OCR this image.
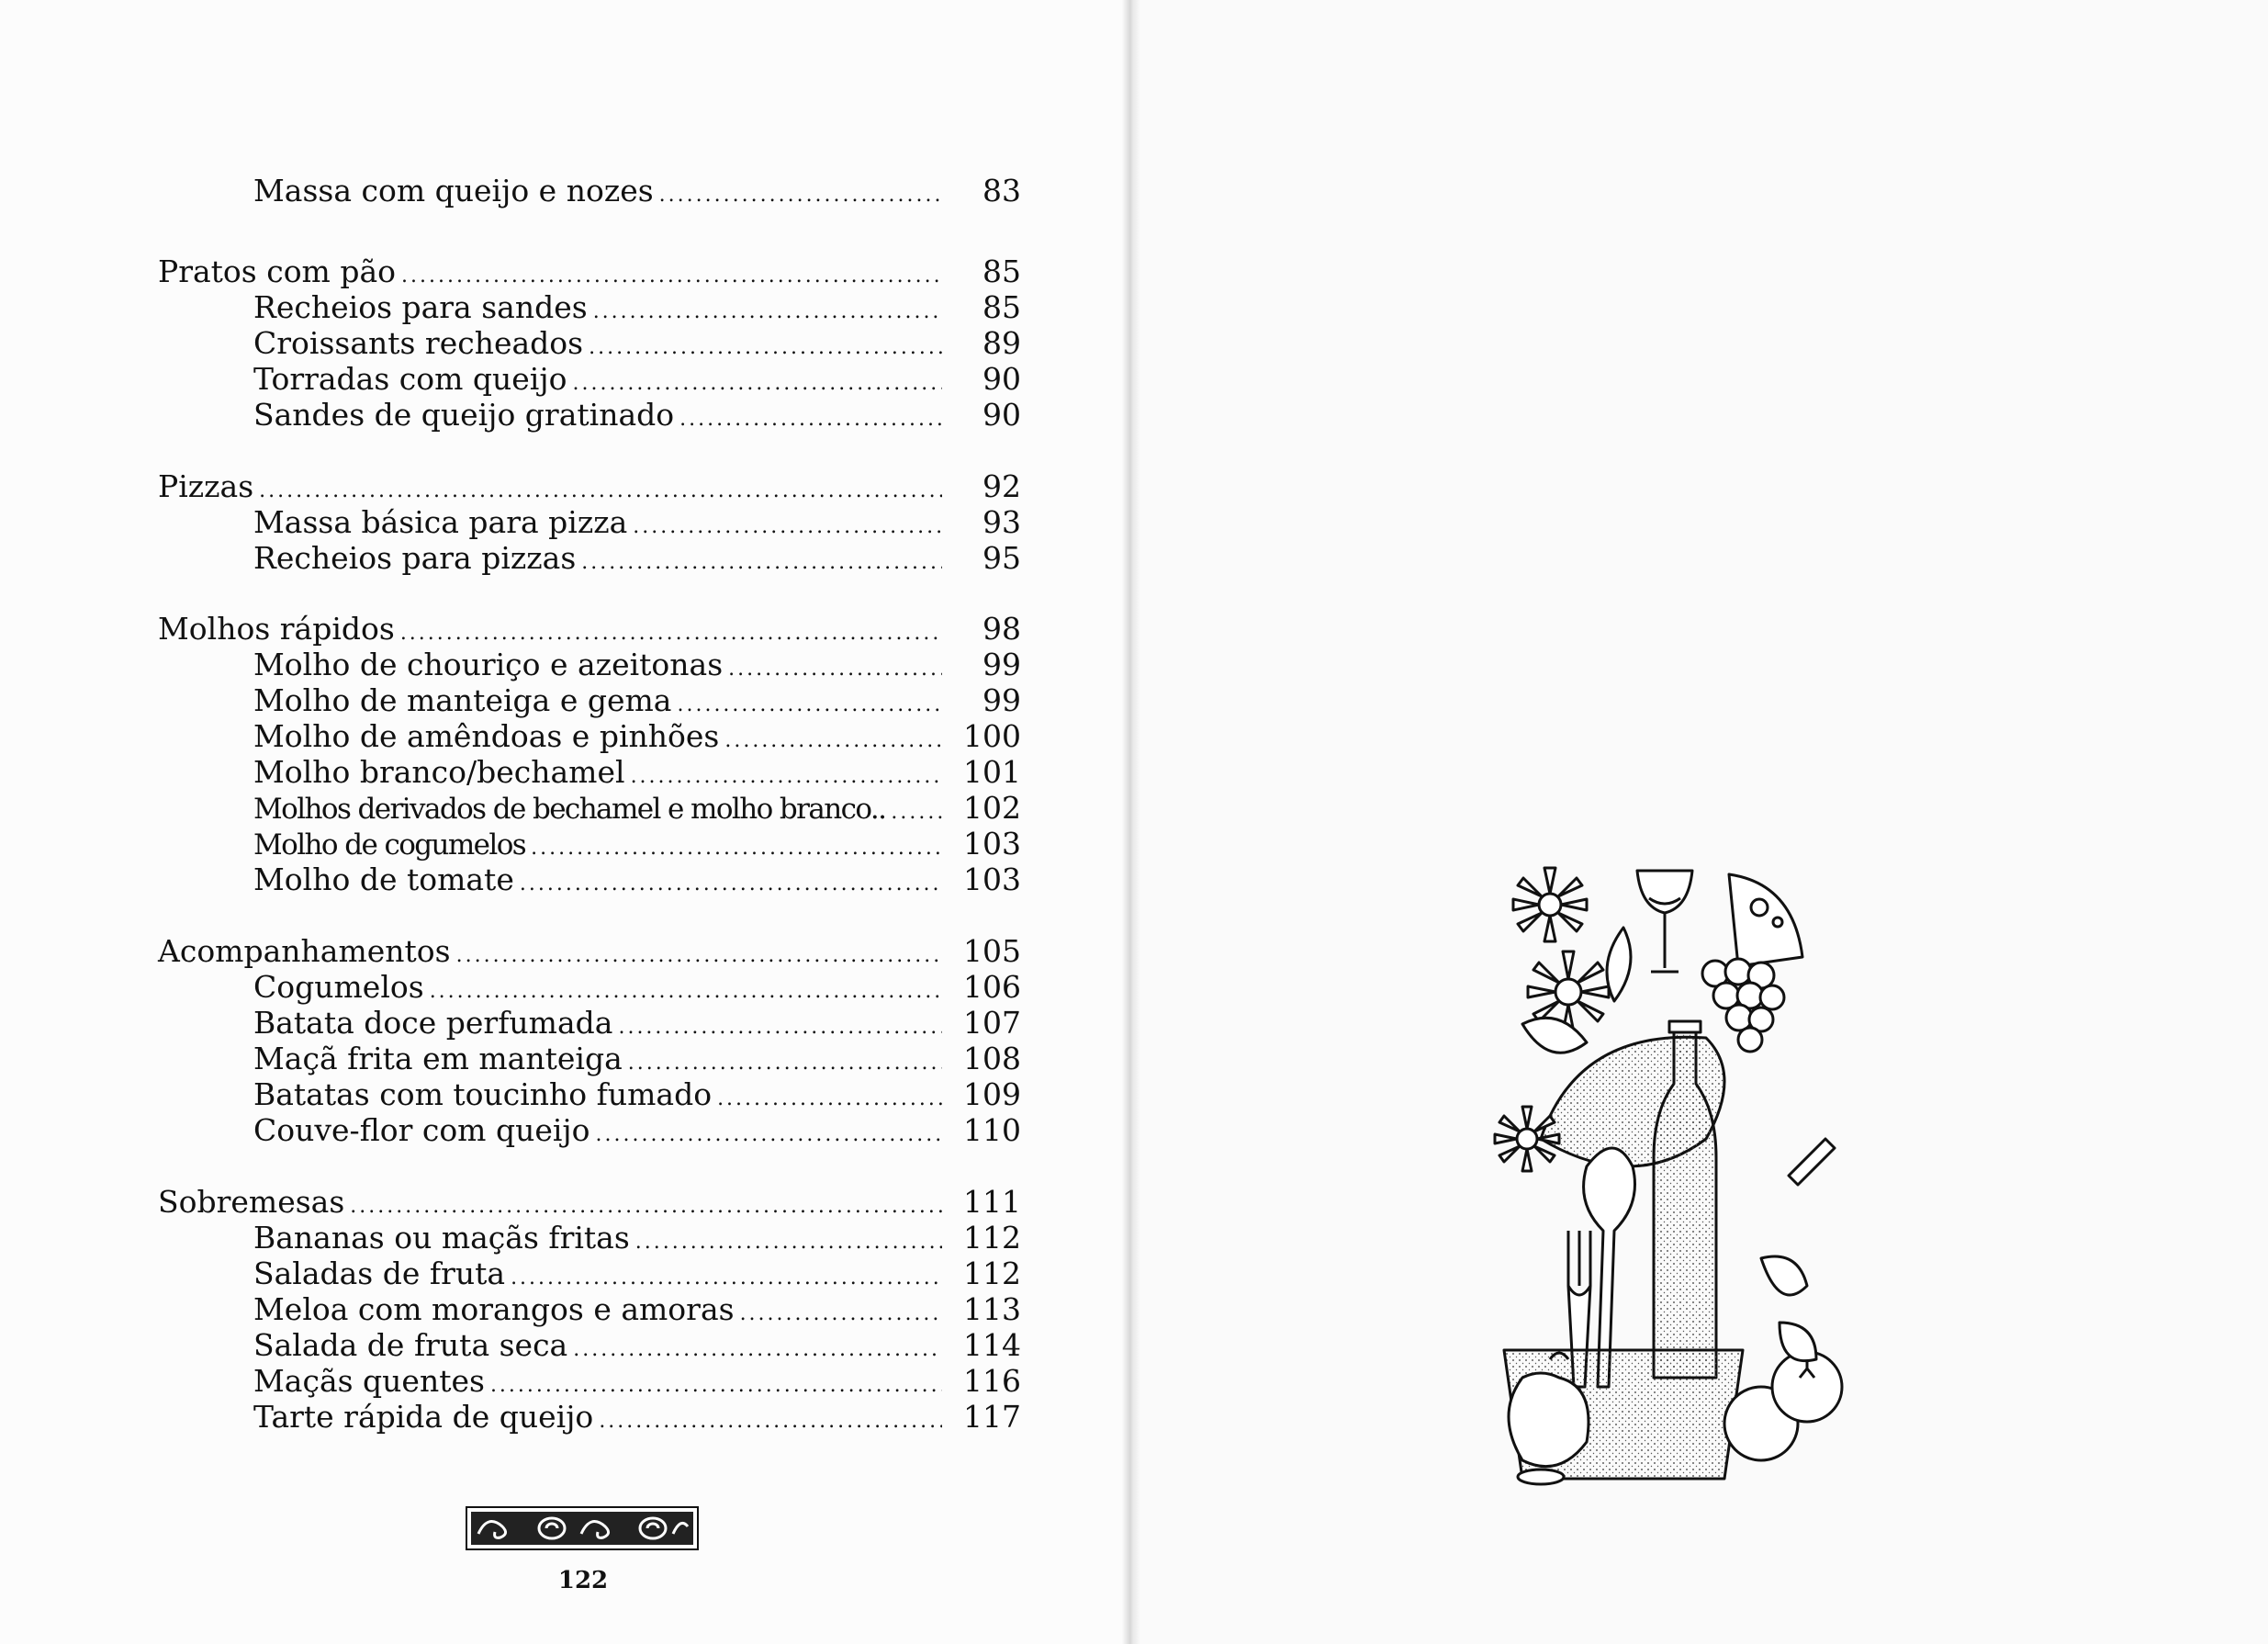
Massa com queijo e nozes .....	83
Pratos com pão .....	85
Recheios para sandes .....	85
Croissants recheados .....	89
Torradas com queijo .....	90
Sandes de queijo gratinado .....	90
Pizzas .....	92
Massa básica para pizza .....	93
Recheios para pizzas .....	95
Molhos rápidos .....	98
Molho de chouriço e azeitonas .....	99
Molho de manteiga e gema .....	99
Molho de amêndoas e pinhões .....	100
Molho branco/bechamel .....	101
Molhos derivados de bechamel e molho branco.. .....	102
Molho de cogumelos .....	103
Molho de tomate .....	103
Acompanhamentos .....	105
Cogumelos .....	106
Batata doce perfumada .....	107
Maçã frita em manteiga .....	108
Batatas com toucinho fumado .....	109
Couve-flor com queijo .....	110
Sobremesas .....	111
Bananas ou maçãs fritas .....	112
Saladas de fruta .....	112
Meloa com morangos e amoras .....	113
Salada de fruta seca .....	114
Maçãs quentes .....	116
Tarte rápida de queijo .....	117
122
